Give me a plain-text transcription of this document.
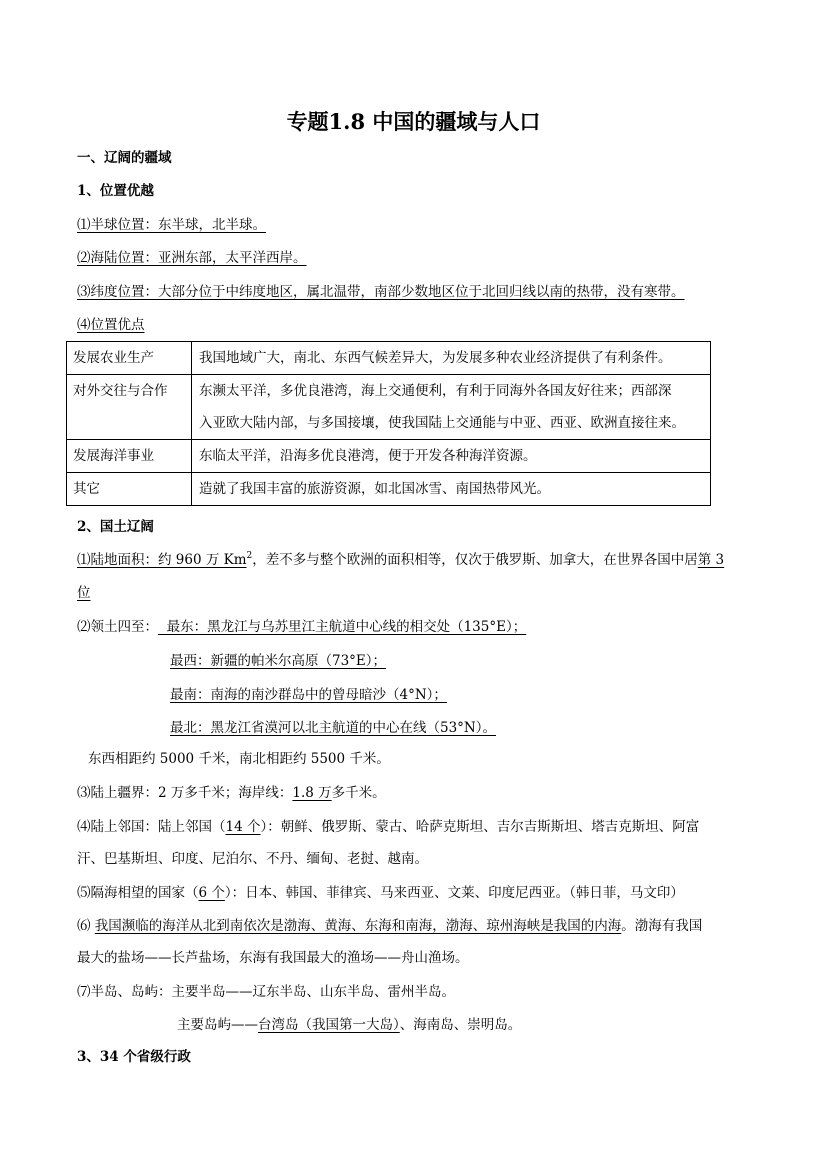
专题1.8 中国的疆域与人口
一、辽阔的疆域
1、位置优越
⑴半球位置：东半球，北半球。
⑵海陆位置：亚洲东部，太平洋西岸。
⑶纬度位置：大部分位于中纬度地区，属北温带，南部少数地区位于北回归线以南的热带，没有寒带。
⑷位置优点
发展农业生产	我国地域广大，南北、东西气候差异大，为发展多种农业经济提供了有利条件。
对外交往与合作	东濒太平洋，多优良港湾，海上交通便利，有利于同海外各国友好往来；西部深
入亚欧大陆内部，与多国接壤，使我国陆上交通能与中亚、西亚、欧洲直接往来。

发展海洋事业	东临太平洋，沿海多优良港湾，便于开发各种海洋资源。
其它	造就了我国丰富的旅游资源，如北国冰雪、南国热带风光。
2、国土辽阔
⑴陆地面积：约 960 万 Km$^2$，差不多与整个欧洲的面积相等，仅次于俄罗斯、加拿大，在世界各国中居第 3
位
⑵领土四至：  最东：黑龙江与乌苏里江主航道中心线的相交处（135°E）；
最西：新疆的帕米尔高原（73°E）；
最南：南海的南沙群岛中的曾母暗沙（4°N）；
最北：黑龙江省漠河以北主航道的中心在线（53°N）。
东西相距约 5000 千米，南北相距约 5500 千米。
⑶陆上疆界：2 万多千米；海岸线：1.8 万多千米。
⑷陆上邻国：陆上邻国（14 个）：朝鲜、俄罗斯、蒙古、哈萨克斯坦、吉尔吉斯斯坦、塔吉克斯坦、阿富
汗、巴基斯坦、印度、尼泊尔、不丹、缅甸、老挝、越南。
⑸隔海相望的国家（6 个）：日本、韩国、菲律宾、马来西亚、文莱、印度尼西亚。（韩日菲，马文印）
⑹ 我国濒临的海洋从北到南依次是渤海、黄海、东海和南海，渤海、琼州海峡是我国的内海。渤海有我国
最大的盐场——长芦盐场，东海有我国最大的渔场——舟山渔场。
⑺半岛、岛屿：主要半岛——辽东半岛、山东半岛、雷州半岛。
主要岛屿——台湾岛（我国第一大岛）、海南岛、崇明岛。
3、34 个省级行政
